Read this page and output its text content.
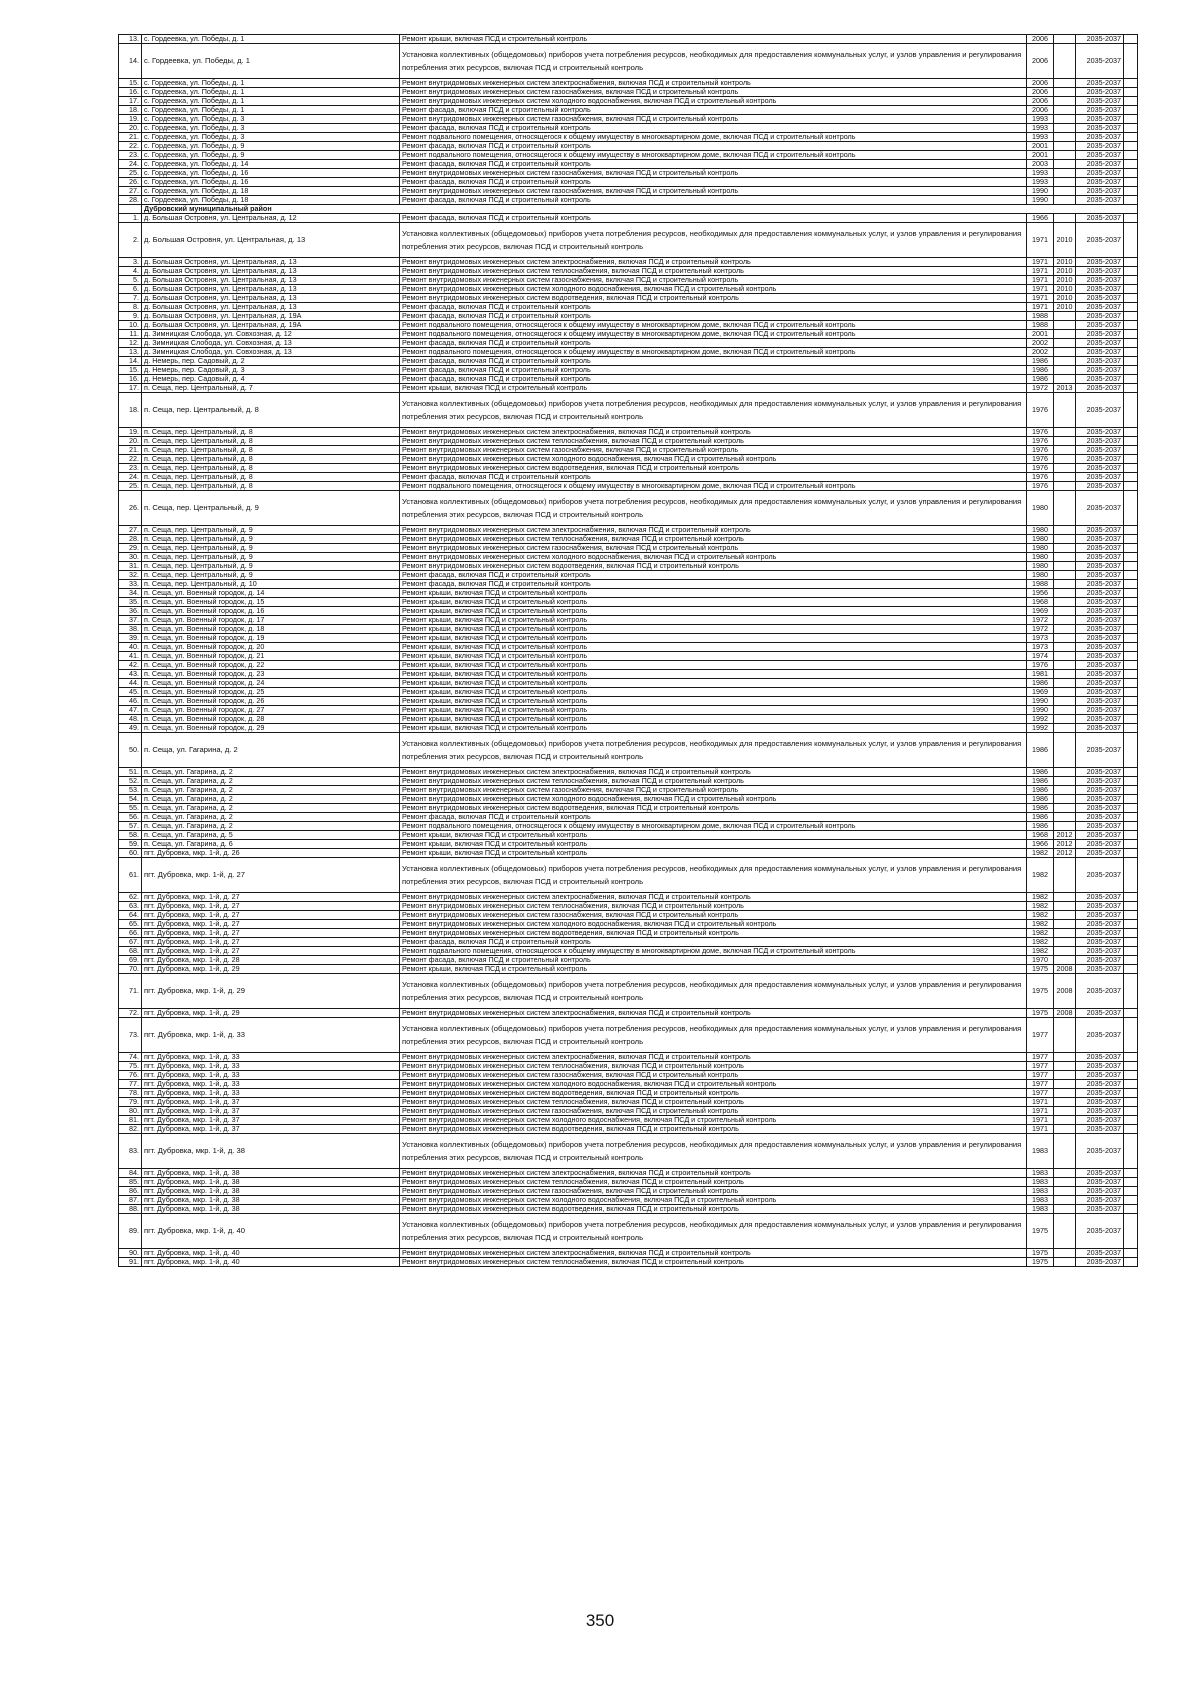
13.	с. Гордеевка, ул. Победы, д. 1	Ремонт крыши, включая ПСД и строительный контроль	2006		2035-2037	
14.	с. Гордеевка, ул. Победы, д. 1	Установка коллективных (общедомовых) приборов учета потребления ресурсов, необходимых для предоставления коммунальных услуг, и узлов управления и регулирования потребления этих ресурсов, включая ПСД и строительный контроль	2006		2035-2037	
15.	с. Гордеевка, ул. Победы, д. 1	Ремонт внутридомовых инженерных систем электроснабжения, включая ПСД и строительный контроль	2006		2035-2037	
16.	с. Гордеевка, ул. Победы, д. 1	Ремонт внутридомовых инженерных систем газоснабжения, включая ПСД и строительный контроль	2006		2035-2037	
17.	с. Гордеевка, ул. Победы, д. 1	Ремонт внутридомовых инженерных систем холодного водоснабжения, включая ПСД и строительный контроль	2006		2035-2037	
18.	с. Гордеевка, ул. Победы, д. 1	Ремонт фасада, включая ПСД и строительный контроль	2006		2035-2037	
19.	с. Гордеевка, ул. Победы, д. 3	Ремонт внутридомовых инженерных систем газоснабжения, включая ПСД и строительный контроль	1993		2035-2037	
20.	с. Гордеевка, ул. Победы, д. 3	Ремонт фасада, включая ПСД и строительный контроль	1993		2035-2037	
21.	с. Гордеевка, ул. Победы, д. 3	Ремонт подвального помещения, относящегося к общему имуществу в многоквартирном доме, включая ПСД и строительный контроль	1993		2035-2037	
22.	с. Гордеевка, ул. Победы, д. 9	Ремонт фасада, включая ПСД и строительный контроль	2001		2035-2037	
23.	с. Гордеевка, ул. Победы, д. 9	Ремонт подвального помещения, относящегося к общему имуществу в многоквартирном доме, включая ПСД и строительный контроль	2001		2035-2037	
24.	с. Гордеевка, ул. Победы, д. 14	Ремонт фасада, включая ПСД и строительный контроль	2003		2035-2037	
25.	с. Гордеевка, ул. Победы, д. 16	Ремонт внутридомовых инженерных систем газоснабжения, включая ПСД и строительный контроль	1993		2035-2037	
26.	с. Гордеевка, ул. Победы, д. 16	Ремонт фасада, включая ПСД и строительный контроль	1993		2035-2037	
27.	с. Гордеевка, ул. Победы, д. 18	Ремонт внутридомовых инженерных систем газоснабжения, включая ПСД и строительный контроль	1990		2035-2037	
28.	с. Гордеевка, ул. Победы, д. 18	Ремонт фасада, включая ПСД и строительный контроль	1990		2035-2037	
	Дубровский муниципальный район					
1.	д. Большая Островня, ул. Центральная, д. 12	Ремонт фасада, включая ПСД и строительный контроль	1966		2035-2037	
2.	д. Большая Островня, ул. Центральная, д. 13	Установка коллективных (общедомовых) приборов учета потребления ресурсов, необходимых для предоставления коммунальных услуг, и узлов управления и регулирования потребления этих ресурсов, включая ПСД и строительный контроль	1971	2010	2035-2037	
3.	д. Большая Островня, ул. Центральная, д. 13	Ремонт внутридомовых инженерных систем электроснабжения, включая ПСД и строительный контроль	1971	2010	2035-2037	
4.	д. Большая Островня, ул. Центральная, д. 13	Ремонт внутридомовых инженерных систем теплоснабжения, включая ПСД и строительный контроль	1971	2010	2035-2037	
5.	д. Большая Островня, ул. Центральная, д. 13	Ремонт внутридомовых инженерных систем газоснабжения, включая ПСД и строительный контроль	1971	2010	2035-2037	
6.	д. Большая Островня, ул. Центральная, д. 13	Ремонт внутридомовых инженерных систем холодного водоснабжения, включая ПСД и строительный контроль	1971	2010	2035-2037	
7.	д. Большая Островня, ул. Центральная, д. 13	Ремонт внутридомовых инженерных систем водоотведения, включая ПСД и строительный контроль	1971	2010	2035-2037	
8.	д. Большая Островня, ул. Центральная, д. 13	Ремонт фасада, включая ПСД и строительный контроль	1971	2010	2035-2037	
9.	д. Большая Островня, ул. Центральная, д. 19А	Ремонт фасада, включая ПСД и строительный контроль	1988		2035-2037	
10.	д. Большая Островня, ул. Центральная, д. 19А	Ремонт подвального помещения, относящегося к общему имуществу в многоквартирном доме, включая ПСД и строительный контроль	1988		2035-2037	
11.	д. Зимницкая Слобода, ул. Совхозная, д. 12	Ремонт подвального помещения, относящегося к общему имуществу в многоквартирном доме, включая ПСД и строительный контроль	2001		2035-2037	
12.	д. Зимницкая Слобода, ул. Совхозная, д. 13	Ремонт фасада, включая ПСД и строительный контроль	2002		2035-2037	
13.	д. Зимницкая Слобода, ул. Совхозная, д. 13	Ремонт подвального помещения, относящегося к общему имуществу в многоквартирном доме, включая ПСД и строительный контроль	2002		2035-2037	
14.	д. Немерь, пер. Садовый, д. 2	Ремонт фасада, включая ПСД и строительный контроль	1986		2035-2037	
15.	д. Немерь, пер. Садовый, д. 3	Ремонт фасада, включая ПСД и строительный контроль	1986		2035-2037	
16.	д. Немерь, пер. Садовый, д. 4	Ремонт фасада, включая ПСД и строительный контроль	1986		2035-2037	
17.	п. Сеща, пер. Центральный, д. 7	Ремонт крыши, включая ПСД и строительный контроль	1972	2013	2035-2037	
18.	п. Сеща, пер. Центральный, д. 8	Установка коллективных (общедомовых) приборов учета потребления ресурсов, необходимых для предоставления коммунальных услуг, и узлов управления и регулирования потребления этих ресурсов, включая ПСД и строительный контроль	1976		2035-2037	
19.	п. Сеща, пер. Центральный, д. 8	Ремонт внутридомовых инженерных систем электроснабжения, включая ПСД и строительный контроль	1976		2035-2037	
20.	п. Сеща, пер. Центральный, д. 8	Ремонт внутридомовых инженерных систем теплоснабжения, включая ПСД и строительный контроль	1976		2035-2037	
21.	п. Сеща, пер. Центральный, д. 8	Ремонт внутридомовых инженерных систем газоснабжения, включая ПСД и строительный контроль	1976		2035-2037	
22.	п. Сеща, пер. Центральный, д. 8	Ремонт внутридомовых инженерных систем холодного водоснабжения, включая ПСД и строительный контроль	1976		2035-2037	
23.	п. Сеща, пер. Центральный, д. 8	Ремонт внутридомовых инженерных систем водоотведения, включая ПСД и строительный контроль	1976		2035-2037	
24.	п. Сеща, пер. Центральный, д. 8	Ремонт фасада, включая ПСД и строительный контроль	1976		2035-2037	
25.	п. Сеща, пер. Центральный, д. 8	Ремонт подвального помещения, относящегося к общему имуществу в многоквартирном доме, включая ПСД и строительный контроль	1976		2035-2037	
26.	п. Сеща, пер. Центральный, д. 9	Установка коллективных (общедомовых) приборов учета потребления ресурсов, необходимых для предоставления коммунальных услуг, и узлов управления и регулирования потребления этих ресурсов, включая ПСД и строительный контроль	1980		2035-2037	
27.	п. Сеща, пер. Центральный, д. 9	Ремонт внутридомовых инженерных систем электроснабжения, включая ПСД и строительный контроль	1980		2035-2037	
28.	п. Сеща, пер. Центральный, д. 9	Ремонт внутридомовых инженерных систем теплоснабжения, включая ПСД и строительный контроль	1980		2035-2037	
29.	п. Сеща, пер. Центральный, д. 9	Ремонт внутридомовых инженерных систем газоснабжения, включая ПСД и строительный контроль	1980		2035-2037	
30.	п. Сеща, пер. Центральный, д. 9	Ремонт внутридомовых инженерных систем холодного водоснабжения, включая ПСД и строительный контроль	1980		2035-2037	
31.	п. Сеща, пер. Центральный, д. 9	Ремонт внутридомовых инженерных систем водоотведения, включая ПСД и строительный контроль	1980		2035-2037	
32.	п. Сеща, пер. Центральный, д. 9	Ремонт фасада, включая ПСД и строительный контроль	1980		2035-2037	
33.	п. Сеща, пер. Центральный, д. 10	Ремонт фасада, включая ПСД и строительный контроль	1988		2035-2037	
34.	п. Сеща, ул. Военный городок, д. 14	Ремонт крыши, включая ПСД и строительный контроль	1956		2035-2037	
35.	п. Сеща, ул. Военный городок, д. 15	Ремонт крыши, включая ПСД и строительный контроль	1968		2035-2037	
36.	п. Сеща, ул. Военный городок, д. 16	Ремонт крыши, включая ПСД и строительный контроль	1969		2035-2037	
37.	п. Сеща, ул. Военный городок, д. 17	Ремонт крыши, включая ПСД и строительный контроль	1972		2035-2037	
38.	п. Сеща, ул. Военный городок, д. 18	Ремонт крыши, включая ПСД и строительный контроль	1972		2035-2037	
39.	п. Сеща, ул. Военный городок, д. 19	Ремонт крыши, включая ПСД и строительный контроль	1973		2035-2037	
40.	п. Сеща, ул. Военный городок, д. 20	Ремонт крыши, включая ПСД и строительный контроль	1973		2035-2037	
41.	п. Сеща, ул. Военный городок, д. 21	Ремонт крыши, включая ПСД и строительный контроль	1974		2035-2037	
42.	п. Сеща, ул. Военный городок, д. 22	Ремонт крыши, включая ПСД и строительный контроль	1976		2035-2037	
43.	п. Сеща, ул. Военный городок, д. 23	Ремонт крыши, включая ПСД и строительный контроль	1981		2035-2037	
44.	п. Сеща, ул. Военный городок, д. 24	Ремонт крыши, включая ПСД и строительный контроль	1986		2035-2037	
45.	п. Сеща, ул. Военный городок, д. 25	Ремонт крыши, включая ПСД и строительный контроль	1969		2035-2037	
46.	п. Сеща, ул. Военный городок, д. 26	Ремонт крыши, включая ПСД и строительный контроль	1990		2035-2037	
47.	п. Сеща, ул. Военный городок, д. 27	Ремонт крыши, включая ПСД и строительный контроль	1990		2035-2037	
48.	п. Сеща, ул. Военный городок, д. 28	Ремонт крыши, включая ПСД и строительный контроль	1992		2035-2037	
49.	п. Сеща, ул. Военный городок, д. 29	Ремонт крыши, включая ПСД и строительный контроль	1992		2035-2037	
50.	п. Сеща, ул. Гагарина, д. 2	Установка коллективных (общедомовых) приборов учета потребления ресурсов, необходимых для предоставления коммунальных услуг, и узлов управления и регулирования потребления этих ресурсов, включая ПСД и строительный контроль	1986		2035-2037	
51.	п. Сеща, ул. Гагарина, д. 2	Ремонт внутридомовых инженерных систем электроснабжения, включая ПСД и строительный контроль	1986		2035-2037	
52.	п. Сеща, ул. Гагарина, д. 2	Ремонт внутридомовых инженерных систем теплоснабжения, включая ПСД и строительный контроль	1986		2035-2037	
53.	п. Сеща, ул. Гагарина, д. 2	Ремонт внутридомовых инженерных систем газоснабжения, включая ПСД и строительный контроль	1986		2035-2037	
54.	п. Сеща, ул. Гагарина, д. 2	Ремонт внутридомовых инженерных систем холодного водоснабжения, включая ПСД и строительный контроль	1986		2035-2037	
55.	п. Сеща, ул. Гагарина, д. 2	Ремонт внутридомовых инженерных систем водоотведения, включая ПСД и строительный контроль	1986		2035-2037	
56.	п. Сеща, ул. Гагарина, д. 2	Ремонт фасада, включая ПСД и строительный контроль	1986		2035-2037	
57.	п. Сеща, ул. Гагарина, д. 2	Ремонт подвального помещения, относящегося к общему имуществу в многоквартирном доме, включая ПСД и строительный контроль	1986		2035-2037	
58.	п. Сеща, ул. Гагарина, д. 5	Ремонт крыши, включая ПСД и строительный контроль	1968	2012	2035-2037	
59.	п. Сеща, ул. Гагарина, д. 6	Ремонт крыши, включая ПСД и строительный контроль	1966	2012	2035-2037	
60.	пгт. Дубровка, мкр. 1-й, д. 26	Ремонт крыши, включая ПСД и строительный контроль	1982	2012	2035-2037	
61.	пгт. Дубровка, мкр. 1-й, д. 27	Установка коллективных (общедомовых) приборов учета потребления ресурсов, необходимых для предоставления коммунальных услуг, и узлов управления и регулирования потребления этих ресурсов, включая ПСД и строительный контроль	1982		2035-2037	
62.	пгт. Дубровка, мкр. 1-й, д. 27	Ремонт внутридомовых инженерных систем электроснабжения, включая ПСД и строительный контроль	1982		2035-2037	
63.	пгт. Дубровка, мкр. 1-й, д. 27	Ремонт внутридомовых инженерных систем теплоснабжения, включая ПСД и строительный контроль	1982		2035-2037	
64.	пгт. Дубровка, мкр. 1-й, д. 27	Ремонт внутридомовых инженерных систем газоснабжения, включая ПСД и строительный контроль	1982		2035-2037	
65.	пгт. Дубровка, мкр. 1-й, д. 27	Ремонт внутридомовых инженерных систем холодного водоснабжения, включая ПСД и строительный контроль	1982		2035-2037	
66.	пгт. Дубровка, мкр. 1-й, д. 27	Ремонт внутридомовых инженерных систем водоотведения, включая ПСД и строительный контроль	1982		2035-2037	
67.	пгт. Дубровка, мкр. 1-й, д. 27	Ремонт фасада, включая ПСД и строительный контроль	1982		2035-2037	
68.	пгт. Дубровка, мкр. 1-й, д. 27	Ремонт подвального помещения, относящегося к общему имуществу в многоквартирном доме, включая ПСД и строительный контроль	1982		2035-2037	
69.	пгт. Дубровка, мкр. 1-й, д. 28	Ремонт фасада, включая ПСД и строительный контроль	1970		2035-2037	
70.	пгт. Дубровка, мкр. 1-й, д. 29	Ремонт крыши, включая ПСД и строительный контроль	1975	2008	2035-2037	
71.	пгт. Дубровка, мкр. 1-й, д. 29	Установка коллективных (общедомовых) приборов учета потребления ресурсов, необходимых для предоставления коммунальных услуг, и узлов управления и регулирования потребления этих ресурсов, включая ПСД и строительный контроль	1975	2008	2035-2037	
72.	пгт. Дубровка, мкр. 1-й, д. 29	Ремонт внутридомовых инженерных систем электроснабжения, включая ПСД и строительный контроль	1975	2008	2035-2037	
73.	пгт. Дубровка, мкр. 1-й, д. 33	Установка коллективных (общедомовых) приборов учета потребления ресурсов, необходимых для предоставления коммунальных услуг, и узлов управления и регулирования потребления этих ресурсов, включая ПСД и строительный контроль	1977		2035-2037	
74.	пгт. Дубровка, мкр. 1-й, д. 33	Ремонт внутридомовых инженерных систем электроснабжения, включая ПСД и строительный контроль	1977		2035-2037	
75.	пгт. Дубровка, мкр. 1-й, д. 33	Ремонт внутридомовых инженерных систем теплоснабжения, включая ПСД и строительный контроль	1977		2035-2037	
76.	пгт. Дубровка, мкр. 1-й, д. 33	Ремонт внутридомовых инженерных систем газоснабжения, включая ПСД и строительный контроль	1977		2035-2037	
77.	пгт. Дубровка, мкр. 1-й, д. 33	Ремонт внутридомовых инженерных систем холодного водоснабжения, включая ПСД и строительный контроль	1977		2035-2037	
78.	пгт. Дубровка, мкр. 1-й, д. 33	Ремонт внутридомовых инженерных систем водоотведения, включая ПСД и строительный контроль	1977		2035-2037	
79.	пгт. Дубровка, мкр. 1-й, д. 37	Ремонт внутридомовых инженерных систем теплоснабжения, включая ПСД и строительный контроль	1971		2035-2037	
80.	пгт. Дубровка, мкр. 1-й, д. 37	Ремонт внутридомовых инженерных систем газоснабжения, включая ПСД и строительный контроль	1971		2035-2037	
81.	пгт. Дубровка, мкр. 1-й, д. 37	Ремонт внутридомовых инженерных систем холодного водоснабжения, включая ПСД и строительный контроль	1971		2035-2037	
82.	пгт. Дубровка, мкр. 1-й, д. 37	Ремонт внутридомовых инженерных систем водоотведения, включая ПСД и строительный контроль	1971		2035-2037	
83.	пгт. Дубровка, мкр. 1-й, д. 38	Установка коллективных (общедомовых) приборов учета потребления ресурсов, необходимых для предоставления коммунальных услуг, и узлов управления и регулирования потребления этих ресурсов, включая ПСД и строительный контроль	1983		2035-2037	
84.	пгт. Дубровка, мкр. 1-й, д. 38	Ремонт внутридомовых инженерных систем электроснабжения, включая ПСД и строительный контроль	1983		2035-2037	
85.	пгт. Дубровка, мкр. 1-й, д. 38	Ремонт внутридомовых инженерных систем теплоснабжения, включая ПСД и строительный контроль	1983		2035-2037	
86.	пгт. Дубровка, мкр. 1-й, д. 38	Ремонт внутридомовых инженерных систем газоснабжения, включая ПСД и строительный контроль	1983		2035-2037	
87.	пгт. Дубровка, мкр. 1-й, д. 38	Ремонт внутридомовых инженерных систем холодного водоснабжения, включая ПСД и строительный контроль	1983		2035-2037	
88.	пгт. Дубровка, мкр. 1-й, д. 38	Ремонт внутридомовых инженерных систем водоотведения, включая ПСД и строительный контроль	1983		2035-2037	
89.	пгт. Дубровка, мкр. 1-й, д. 40	Установка коллективных (общедомовых) приборов учета потребления ресурсов, необходимых для предоставления коммунальных услуг, и узлов управления и регулирования потребления этих ресурсов, включая ПСД и строительный контроль	1975		2035-2037	
90.	пгт. Дубровка, мкр. 1-й, д. 40	Ремонт внутридомовых инженерных систем электроснабжения, включая ПСД и строительный контроль	1975		2035-2037	
91.	пгт. Дубровка, мкр. 1-й, д. 40	Ремонт внутридомовых инженерных систем теплоснабжения, включая ПСД и строительный контроль	1975		2035-2037	
350
